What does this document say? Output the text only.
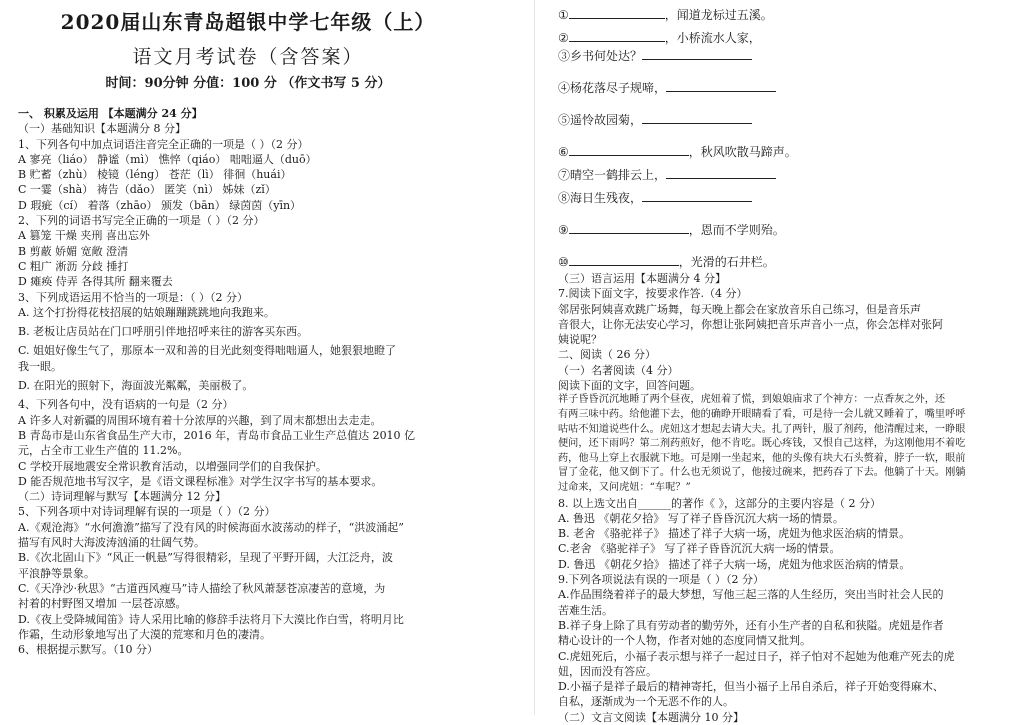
2020届山东青岛超银中学七年级（上）
语文月考试卷（含答案）
时间：90分钟 分值：100 分 （作文书写 5 分）
一、 积累及运用 【本题满分 24 分】
（一）基础知识【本题满分 8 分】
1、下列各句中加点词语注音完全正确的一项是（ ）（2 分）
A 寥亮（liáo） 静谧（mì） 憔悴（qiáo） 咄咄逼人（duō）
B 贮蓄（zhù） 棱镜（léng） 苍茫（lì） 徘徊（huái）
C 一霎（shà） 祷告（dǎo） 匿笑（nì） 姊妹（zǐ）
D 瑕疵（cí） 着落（zhāo） 颁发（bān） 绿茵茵（yīn）
2、下列的词语书写完全正确的一项是（ ）（2 分）
A 篡笼 干燥 夹刑 喜出忘外
B 剪蔽 娇媚 宽敞 澄清
C 粗广 淅沥 分歧 捶打
D 瘫痪 侍弄 各得其所 翻来覆去
3、下列成语运用不恰当的一项是：（ ）（2 分）
A. 这个打扮得花枝招展的姑娘蹦蹦跳跳地向我跑来。
B. 老板让店员站在门口呼朋引伴地招呼来往的游客买东西。
C. 姐姐好像生气了，那原本一双和善的目光此刻变得咄咄逼人，她狠狠地瞪了
我一眼。
D. 在阳光的照射下，海面波光粼粼，美丽极了。
4、下列各句中，没有语病的一句是（2 分）
A 许多人对新疆的周围环境有着十分浓厚的兴趣，到了周末都想出去走走。
B 青岛市是山东省食品生产大市，2016 年，青岛市食品工业生产总值达 2010 亿
元，占全市工业生产值的 11.2%。
C 学校开展地震安全常识教育活动，以增强同学们的自我保护。
D 能否规范地书写汉字，是《语文课程标准》对学生汉字书写的基本要求。
（二）诗词理解与默写【本题满分 12 分】
5、下列各项中对诗词理解有误的一项是（ ）（2 分）
A.《观沧海》“水何澹澹”描写了没有风的时候海面水波荡动的样子，“洪波涌起”
描写有风时大海波涛汹涌的壮阔气势。
B.《次北固山下》“风正一帆悬”写得很精彩，呈现了平野开阔，大江泛舟，波
平浪静等景象。
C.《天净沙·秋思》“古道西风瘦马”诗人描绘了秋风萧瑟苍凉凄苦的意境，为
衬着的村野图又增加 一层苍凉感。
D.《夜上受降城闻笛》诗人采用比喻的修辞手法将月下大漠比作白雪，将明月比
作霜，生动形象地写出了大漠的荒寒和月色的凄清。
6、根据提示默写。（10 分）
①	，闻道龙标过五溪。
②	，小桥流水人家，
③乡书何处达？
④杨花落尽子规啼，
⑤遥怜故园菊，
⑥	，秋风吹散马蹄声。
⑦晴空一鹤排云上，
⑧海日生残夜，
⑨	，恩而不学则殆。
⑩	，光滑的石井栏。
（三）语言运用【本题满分 4 分】
7.阅读下面文字，按要求作答.（4 分）
邻居张阿姨喜欢跳广场舞，每天晚上都会在家放音乐自己练习，但是音乐声
音很大，让你无法安心学习，你想让张阿姨把音乐声音小一点，你会怎样对张阿
姨说呢？
二、阅读（ 26 分）
（一）名著阅读（4 分）
阅读下面的文字，回答问题。
祥子昏昏沉沉地睡了两个昼夜，虎妞着了慌，到娘娘庙求了个神方：一点香灰之外，还
有两三味中药。给他灌下去，他的确睁开眼睛看了看，可是待一会儿就又睡着了，嘴里呼呼
咕咕不知道说些什么。虎妞这才想起去请大夫。扎了两针，服了剂药，他清醒过来，一睁眼
便问，还下雨吗？第二剂药煎好，他不肯吃。既心疼钱，又恨自己这样，为这刚他用不着吃
药，他马上穿上衣服就下地。可是刚一坐起来，他的头像有块大石头赘着，脖子一软，眼前
冒了金花，他又倒下了。什么也无须说了，他接过碗来，把药吞了下去。他躺了十天。刚躺
过命来，又问虎妞：“车呢？”
8. 以上选文出自______的著作《 》，这部分的主要内容是（ 2 分）
A. 鲁迅 《朝花夕拾》 写了祥子昏昏沉沉大病一场的情景。
B. 老舍 《骆驼祥子》 描述了祥子大病一场，虎妞为他求医治病的情景。
C.老舍 《骆驼祥子》 写了祥子昏昏沉沉大病一场的情景。
D. 鲁迅 《朝花夕拾》 描述了祥子大病一场，虎妞为他求医治病的情景。
9.下列各项说法有误的一项是（ ）（2 分）
A.作品围绕着祥子的最大梦想，写他三起三落的人生经历，突出当时社会人民的
苦难生活。
B.祥子身上除了具有劳动者的勤劳外，还有小生产者的自私和狭隘。虎妞是作者
精心设计的一个人物，作者对她的态度同情又批判。
C.虎妞死后，小福子表示想与祥子一起过日子，祥子怕对不起她为他难产死去的虎
妞，因而没有答应。
D.小福子是祥子最后的精神寄托，但当小福子上吊自杀后，祥子开始变得麻木、
自私，逐渐成为一个无恶不作的人。
（二）文言文阅读【本题满分 10 分】
